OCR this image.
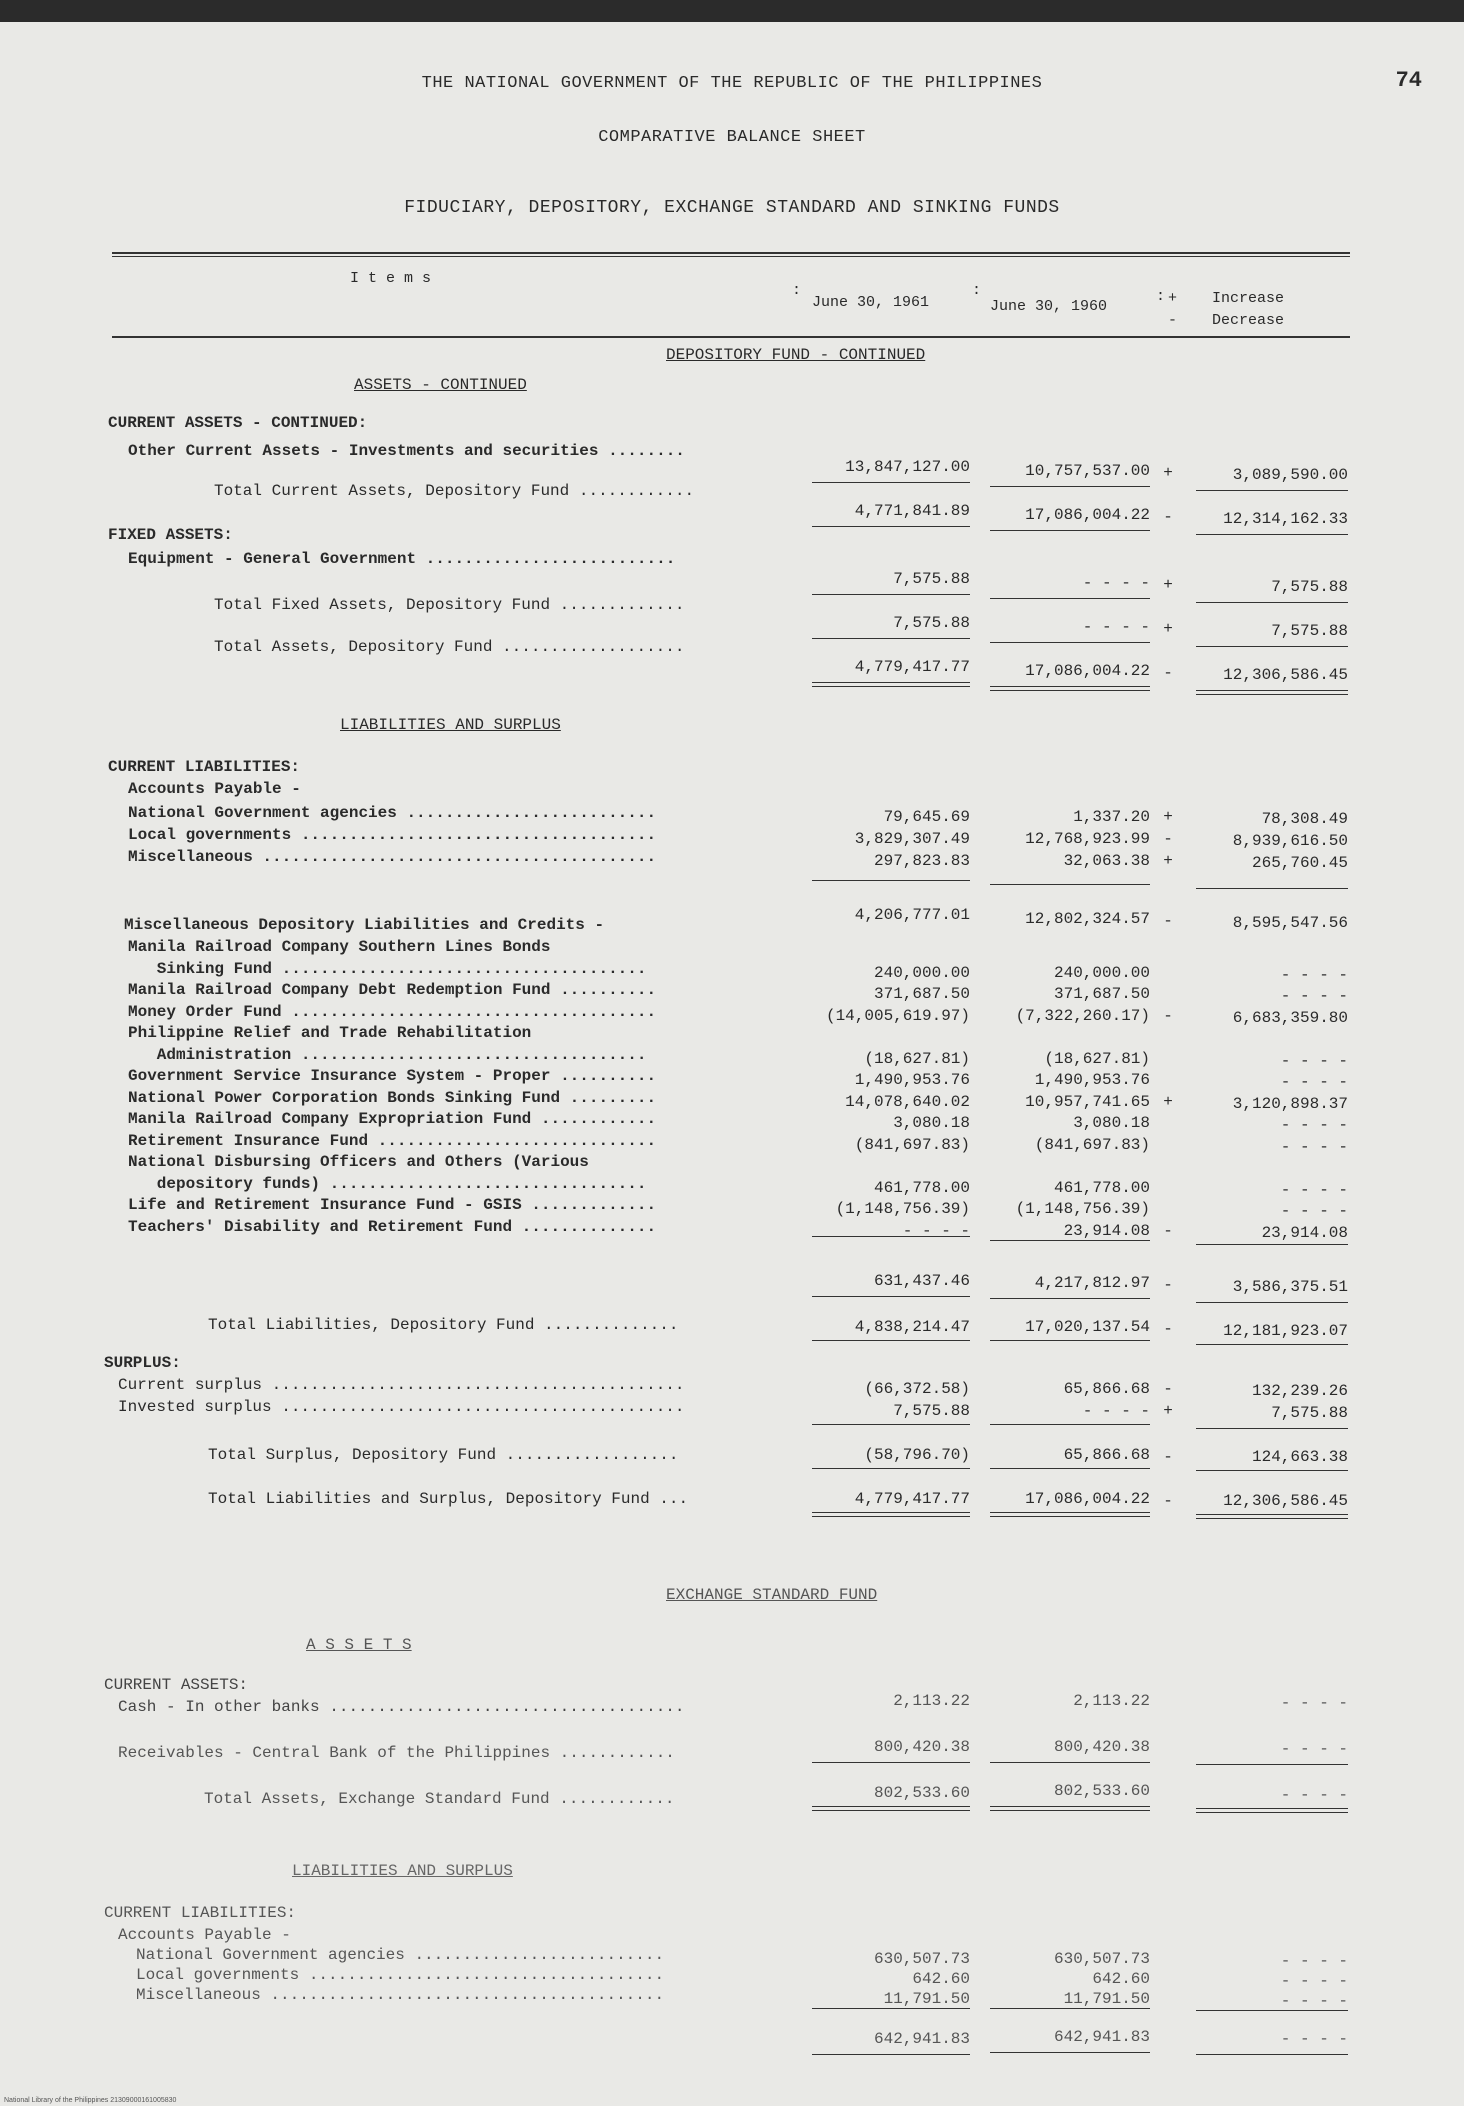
74
THE NATIONAL GOVERNMENT OF THE REPUBLIC OF THE PHILIPPINES
COMPARATIVE BALANCE SHEET
FIDUCIARY, DEPOSITORY, EXCHANGE STANDARD AND SINKING FUNDS
I t e m s
:
June 30, 1961
:
June 30, 1960
: +
-
Increase
Decrease
DEPOSITORY FUND - CONTINUED
ASSETS - CONTINUED
CURRENT ASSETS - CONTINUED:
Other Current Assets - Investments and securities ........
13,847,127.00	10,757,537.00 +	3,089,590.00
Total Current Assets, Depository Fund ............
4,771,841.89	17,086,004.22 -	12,314,162.33
FIXED ASSETS:
Equipment - General Government ..........................
7,575.88	- - - - +	7,575.88
Total Fixed Assets, Depository Fund .............
7,575.88	- - - - +	7,575.88
Total Assets, Depository Fund ...................
4,779,417.77	17,086,004.22 -	12,306,586.45
LIABILITIES AND SURPLUS
CURRENT LIABILITIES:
Accounts Payable -
National Government agencies ..........................	79,645.69	1,337.20 +	78,308.49
Local governments .....................................	3,829,307.49	12,768,923.99 -	8,939,616.50
Miscellaneous .........................................	297,823.83	32,063.38 +	265,760.45
4,206,777.01	12,802,324.57 -	8,595,547.56
Miscellaneous Depository Liabilities and Credits -
Manila Railroad Company Southern Lines Bonds
Sinking Fund ......................................	240,000.00	240,000.00	- - - -
Manila Railroad Company Debt Redemption Fund ..........	371,687.50	371,687.50	- - - -
Money Order Fund ......................................	(14,005,619.97)	(7,322,260.17) -	6,683,359.80
Philippine Relief and Trade Rehabilitation
Administration ....................................	(18,627.81)	(18,627.81)	- - - -
Government Service Insurance System - Proper ..........	1,490,953.76	1,490,953.76	- - - -
National Power Corporation Bonds Sinking Fund .........	14,078,640.02	10,957,741.65 +	3,120,898.37
Manila Railroad Company Expropriation Fund ............	3,080.18	3,080.18	- - - -
Retirement Insurance Fund .............................	(841,697.83)	(841,697.83)	- - - -
National Disbursing Officers and Others (Various
depository funds) .................................	461,778.00	461,778.00	- - - -
Life and Retirement Insurance Fund - GSIS .............	(1,148,756.39)	(1,148,756.39)	- - - -
Teachers' Disability and Retirement Fund ..............	- - - -	23,914.08 -	23,914.08
631,437.46	4,217,812.97 -	3,586,375.51
Total Liabilities, Depository Fund ..............	4,838,214.47	17,020,137.54 -	12,181,923.07
SURPLUS:
Current surplus ...........................................	(66,372.58)	65,866.68 -	132,239.26
Invested surplus ..........................................	7,575.88	- - - - +	7,575.88
Total Surplus, Depository Fund ..................	(58,796.70)	65,866.68 -	124,663.38
Total Liabilities and Surplus, Depository Fund ...	4,779,417.77	17,086,004.22 -	12,306,586.45
EXCHANGE STANDARD FUND
A S S E T S
CURRENT ASSETS:
Cash - In other banks .....................................	2,113.22	2,113.22	- - - -
Receivables - Central Bank of the Philippines ............	800,420.38	800,420.38	- - - -
Total Assets, Exchange Standard Fund ............	802,533.60	802,533.60	- - - -
LIABILITIES AND SURPLUS
CURRENT LIABILITIES:
Accounts Payable -
National Government agencies ..........................	630,507.73	630,507.73	- - - -
Local governments .....................................	642.60	642.60	- - - -
Miscellaneous .........................................	11,791.50	11,791.50	- - - -
642,941.83	642,941.83	- - - -
National Library of the Philippines 21309000161005830
